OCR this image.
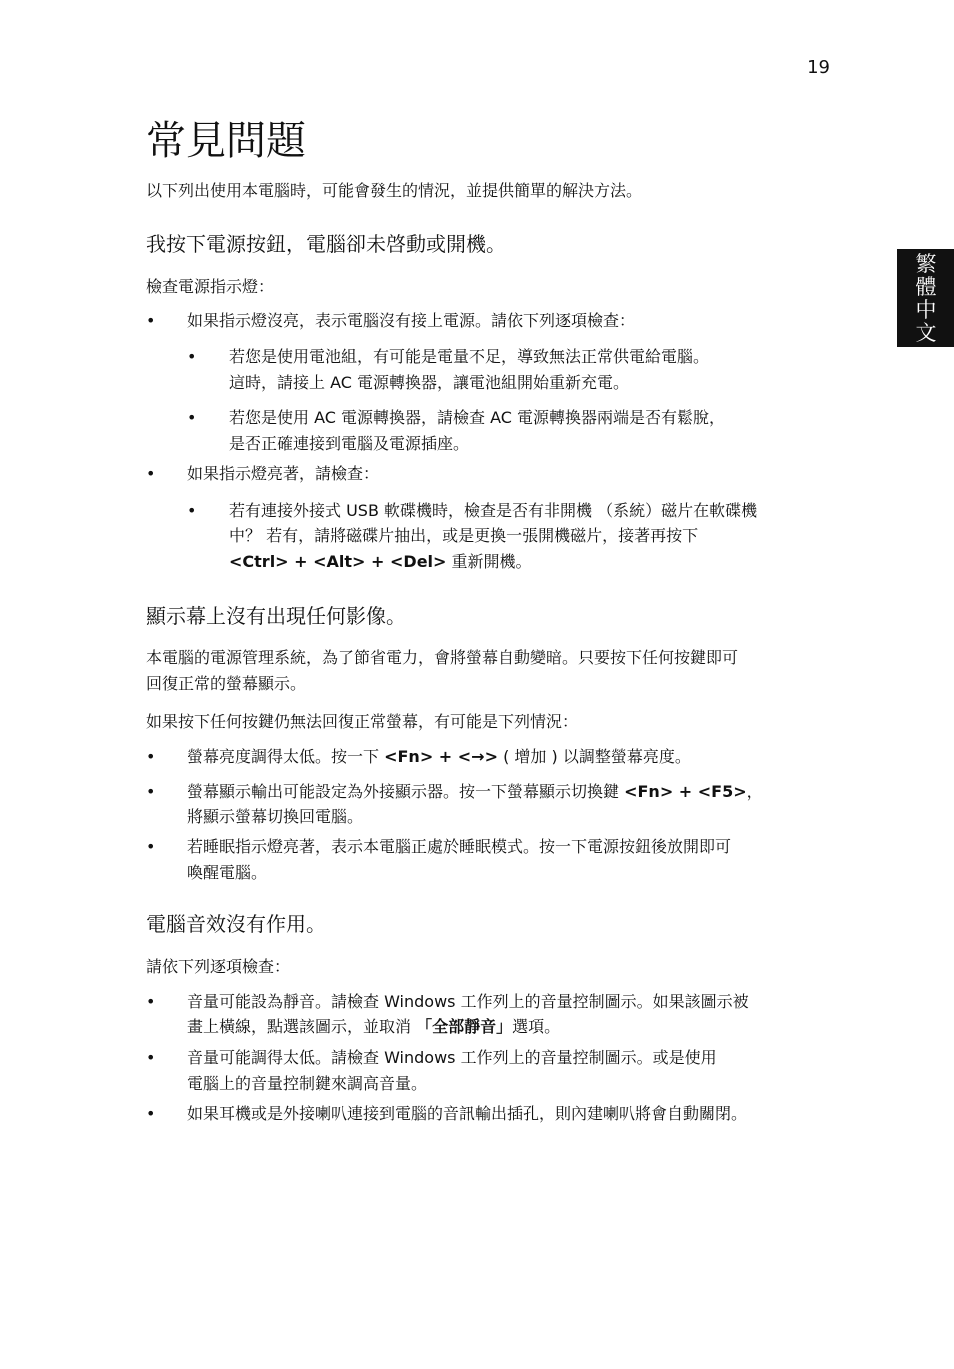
19
常見問題
繁體中文
以下列出使用本電腦時，可能會發生的情況，並提供簡單的解決方法。
我按下電源按鈕，電腦卻未啓動或開機。
檢查電源指示燈：
• 如果指示燈沒亮，表示電腦沒有接上電源。請依下列逐項檢查：
• 若您是使用電池組，有可能是電量不足，導致無法正常供電給電腦。
這時，請接上 AC 電源轉換器，讓電池組開始重新充電。
• 若您是使用 AC 電源轉換器，請檢查 AC 電源轉換器兩端是否有鬆脫，
是否正確連接到電腦及電源插座。
• 如果指示燈亮著，請檢查：
• 若有連接外接式 USB 軟碟機時，檢查是否有非開機 （系統）磁片在軟碟機
中？ 若有，請將磁碟片抽出，或是更換一張開機磁片，接著再按下
<Ctrl> + <Alt> + <Del> 重新開機。
顯示幕上沒有出現任何影像。
本電腦的電源管理系統，為了節省電力，會將螢幕自動變暗。只要按下任何按鍵即可
回復正常的螢幕顯示。
如果按下任何按鍵仍無法回復正常螢幕，有可能是下列情況：
• 螢幕亮度調得太低。按一下 <Fn> + <→> ( 增加 ) 以調整螢幕亮度。
• 螢幕顯示輸出可能設定為外接顯示器。按一下螢幕顯示切換鍵 <Fn> + <F5>，
將顯示螢幕切換回電腦。
• 若睡眠指示燈亮著，表示本電腦正處於睡眠模式。按一下電源按鈕後放開即可
喚醒電腦。
電腦音效沒有作用。
請依下列逐項檢查：
• 音量可能設為靜音。請檢查 Windows 工作列上的音量控制圖示。如果該圖示被
畫上橫線，點選該圖示，並取消 「全部靜音」選項。
• 音量可能調得太低。請檢查 Windows 工作列上的音量控制圖示。或是使用
電腦上的音量控制鍵來調高音量。
• 如果耳機或是外接喇叭連接到電腦的音訊輸出插孔，則內建喇叭將會自動關閉。
